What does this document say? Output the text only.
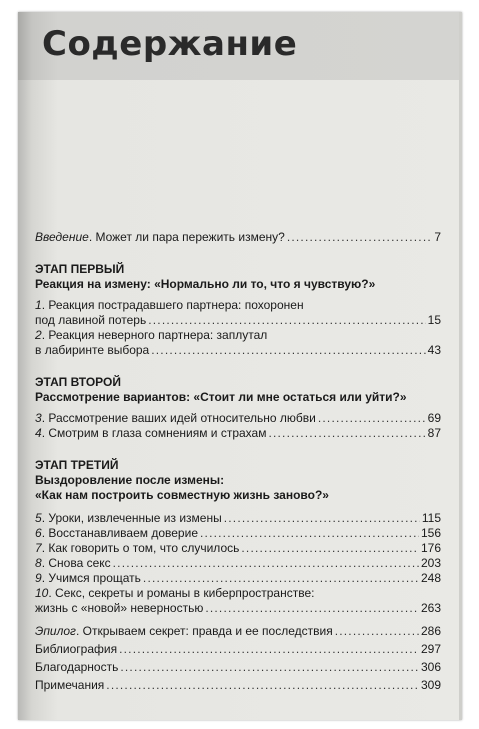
Содержание
Введение. Может ли пара пережить измену? .....	7
ЭТАП ПЕРВЫЙ
Реакция на измену: «Нормально ли то, что я чувствую?»
1. Реакция пострадавшего партнера: похоронен
под лавиной потерь .....	15
2. Реакция неверного партнера: заплутал
в лабиринте выбора .....	43
ЭТАП ВТОРОЙ
Рассмотрение вариантов: «Стоит ли мне остаться или уйти?»
3. Рассмотрение ваших идей относительно любви .....	69
4. Смотрим в глаза сомнениям и страхам .....	87
ЭТАП ТРЕТИЙ
Выздоровление после измены:
«Как нам построить совместную жизнь заново?»
5. Уроки, извлеченные из измены .....	115
6. Восстанавливаем доверие .....	156
7. Как говорить о том, что случилось .....	176
8. Снова секс .....	203
9. Учимся прощать .....	248
10. Секс, секреты и романы в киберпространстве:
жизнь с «новой» неверностью .....	263
Эпилог. Открываем секрет: правда и ее последствия .....	286
Библиография .....	297
Благодарность .....	306
Примечания .....	309
